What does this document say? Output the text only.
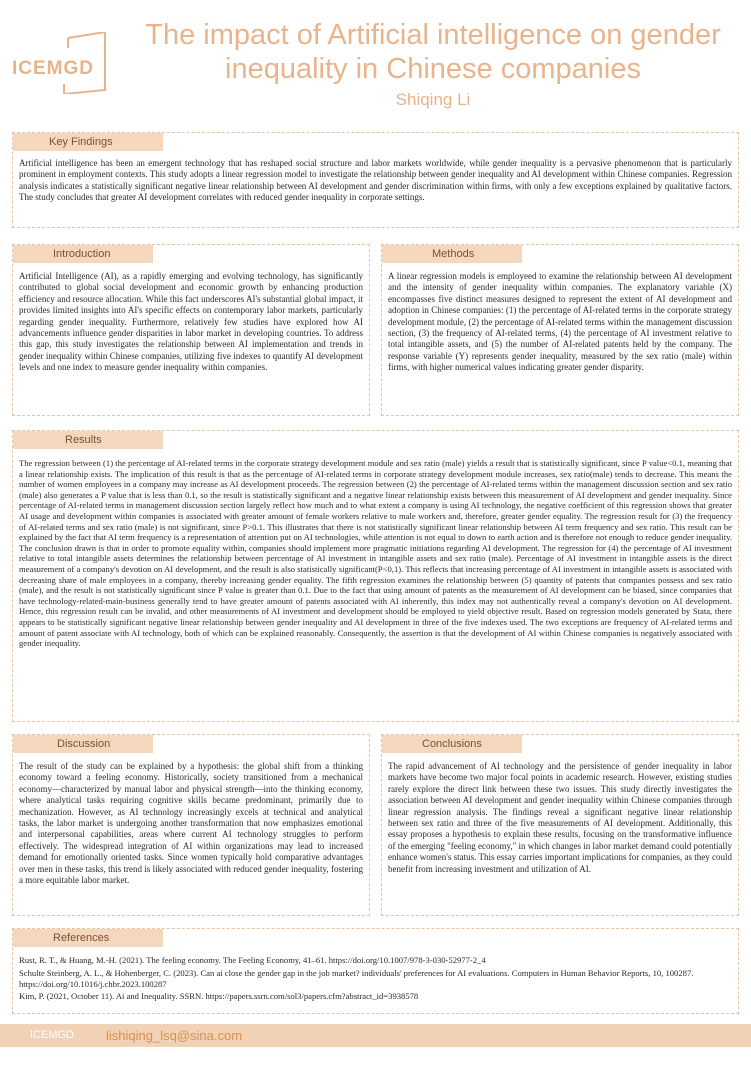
ICEMGD
The impact of Artificial intelligence on gender inequality in Chinese companies
Shiqing Li
Key Findings
Artificial intelligence has been an emergent technology that has reshaped social structure and labor markets worldwide, while gender inequality is a pervasive phenomenon that is particularly prominent in employment contexts. This study adopts a linear regression model to investigate the relationship between gender inequality and AI development within Chinese companies. Regression analysis indicates a statistically significant negative linear relationship between AI development and gender discrimination within firms, with only a few exceptions explained by qualitative factors. The study concludes that greater AI development correlates with reduced gender inequality in corporate settings.
Introduction
Artificial Intelligence (AI), as a rapidly emerging and evolving technology, has significantly contributed to global social development and economic growth by enhancing production efficiency and resource allocation. While this fact underscores AI's substantial global impact, it provides limited insights into AI's specific effects on contemporary labor markets, particularly regarding gender inequality. Furthermore, relatively few studies have explored how AI advancements influence gender disparities in labor market in developing countries. To address this gap, this study investigates the relationship between AI implementation and trends in gender inequality within Chinese companies, utilizing five indexes to quantify AI development levels and one index to measure gender inequality within companies.
Methods
A linear regression models is employeed to examine the relationship between AI development and the intensity of gender inequality within companies. The explanatory variable (X) encompasses five distinct measures designed to represent the extent of AI development and adoption in Chinese companies: (1) the percentage of AI-related terms in the corporate strategy development module, (2) the percentage of AI-related terms within the management discussion section, (3) the frequency of AI-related terms, (4) the percentage of AI investment relative to total intangible assets, and (5) the number of AI-related patents held by the company. The response variable (Y) represents gender inequality, measured by the sex ratio (male) within firms, with higher numerical values indicating greater gender disparity.
Results
The regression between (1) the percentage of AI-related terms in the corporate strategy development module and sex ratio (male) yields a result that is statistically significant, since P value<0.1, meaning that a linear relationship exists. The implication of this result is that as the percentage of AI-related terms in corporate strategy development module increases, sex ratio(male) tends to decrease. This means the number of women employees in a company may increase as AI development proceeds. The regression between (2) the percentage of AI-related terms within the management discussion section and sex ratio (male) also generates a P value that is less than 0.1, so the result is statistically significant and a negative linear relationship exists between this measurement of AI development and gender inequality. Since percentage of AI-related terms in management discussion section largely reflect how much and to what extent a company is using AI technology, the negative coefficient of this regression shows that greater AI usage and development within companies is associated with greater amount of female workers relative to male workers and, therefore, greater gender equality. The regression result for (3) the frequency of AI-related terms and sex ratio (male) is not significant, since P>0.1. This illustrates that there is not statistically significant linear relationship between AI term frequency and sex ratio. This result can be explained by the fact that AI term frequency is a representation of attention put on AI technologies, while attention is not equal to down to earth action and is therefore not enough to reduce gender inequality. The conclusion drawn is that in order to promote equality within, companies should implement more pragmatic initiations regarding AI development. The regression for (4) the percentage of AI investment relative to total intangible assets determines the relationship between percentage of AI investment in intangible assets and sex ratio (male). Percentage of AI investment in intangible assets is the direct measurement of a company's devotion on AI development, and the result is also statistically significant(P<0,1). This reflects that increasing percentage of AI investment in intangible assets is associated with decreasing share of male employees in a company, thereby increasing gender equality. The fifth regression examines the relationship between (5) quantity of patents that companies possess and sex ratio (male), and the result is not statistically significant since P value is greater than 0.1. Due to the fact that using amount of patents as the measurement of AI development can be biased, since companies that have technology-related-main-business generally tend to have greater amount of patents associated with AI inherently, this index may not authentically reveal a company's devotion on AI development. Hence, this regression result can be invalid, and other measurements of AI investment and development should be employed to yield objective result. Based on regression models generated by Stata, there appears to be statistically significant negative linear relationship between gender inequality and AI development in three of the five indexes used. The two exceptions are frequency of AI-related terms and amount of patent associate with AI technology, both of which can be explained reasonably. Consequently, the assertion is that the development of AI within Chinese companies is negatively associated with gender inequality.
Discussion
The result of the study can be explained by a hypothesis: the global shift from a thinking economy toward a feeling economy. Historically, society transitioned from a mechanical economy—characterized by manual labor and physical strength—into the thinking economy, where analytical tasks requiring cognitive skills became predominant, primarily due to mechanization. However, as AI technology increasingly excels at technical and analytical tasks, the labor market is undergoing another transformation that now emphasizes emotional and interpersonal capabilities, areas where current AI technology struggles to perform effectively. The widespread integration of AI within organizations may lead to increased demand for emotionally oriented tasks. Since women typically hold comparative advantages over men in these tasks, this trend is likely associated with reduced gender inequality, fostering a more equitable labor market.
Conclusions
The rapid advancement of AI technology and the persistence of gender inequality in labor markets have become two major focal points in academic research. However, existing studies rarely explore the direct link between these two issues. This study directly investigates the association between AI development and gender inequality within Chinese companies through linear regression analysis. The findings reveal a significant negative linear relationship between sex ratio and three of the five measurements of AI development. Additionally, this essay proposes a hypothesis to explain these results, focusing on the transformative influence of the emerging "feeling economy," in which changes in labor market demand could potentially enhance women's status. This essay carries important implications for companies, as they could benefit from increasing investment and utilization of AI.
References
Rust, R. T., & Huang, M.-H. (2021). The feeling economy. The Feeling Economy, 41–61. https://doi.org/10.1007/978-3-030-52977-2_4
Schulte Steinberg, A. L., & Hohenberger, C. (2023). Can ai close the gender gap in the job market? individuals' preferences for AI evaluations. Computers in Human Behavior Reports, 10, 100287. https://doi.org/10.1016/j.chbr.2023.100287
Kim, P. (2021, October 11). Ai and Inequality. SSRN. https://papers.ssrn.com/sol3/papers.cfm?abstract_id=3938578
ICEMGD lishiqing_lsq@sina.com
